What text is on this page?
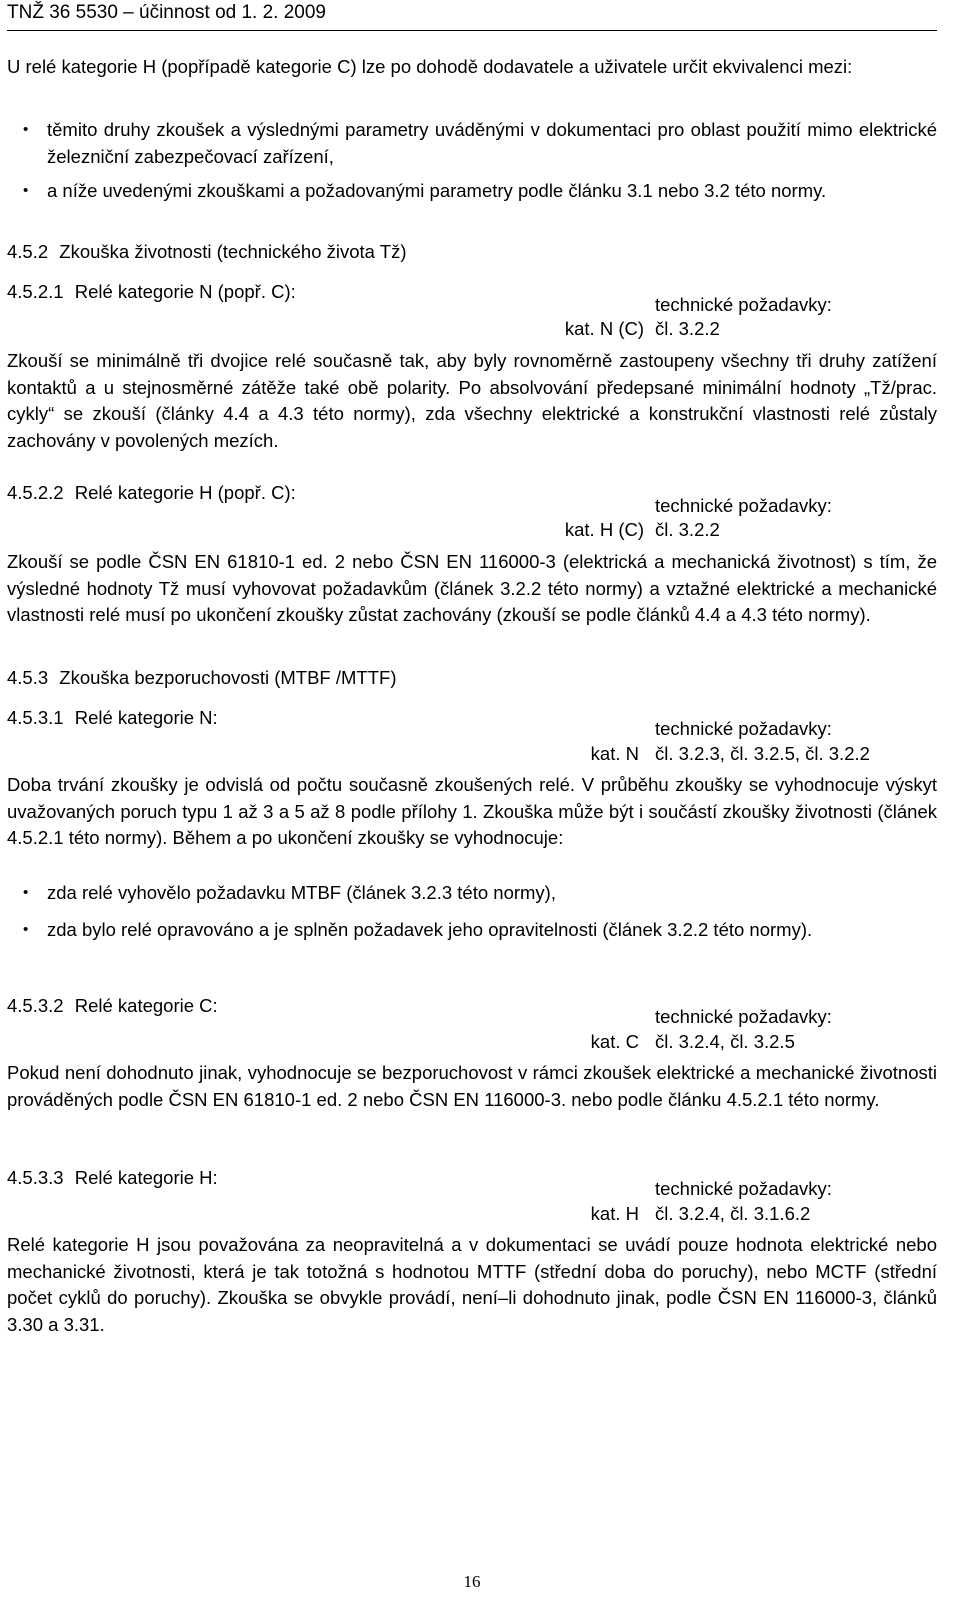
TNŽ 36 5530 – účinnost od 1. 2. 2009
U relé kategorie H (popřípadě kategorie C) lze po dohodě dodavatele a uživatele určit ekvivalenci mezi:
• těmito druhy zkoušek a výslednými parametry uváděnými v dokumentaci pro oblast použití mimo elektrické železniční zabezpečovací zařízení,
• a níže uvedenými zkouškami a požadovanými parametry podle článku 3.1 nebo 3.2 této normy.
4.5.2 Zkouška životnosti (technického života Tž)
4.5.2.1 Relé kategorie N (popř. C):
technické požadavky:
kat. N (C) čl. 3.2.2
Zkouší se minimálně tři dvojice relé současně tak, aby byly rovnoměrně zastoupeny všechny tři druhy zatížení kontaktů a u stejnosměrné zátěže také obě polarity. Po absolvování předepsané minimální hodnoty „Tž/prac. cykly“ se zkouší (články 4.4 a 4.3 této normy), zda všechny elektrické a konstrukční vlastnosti relé zůstaly zachovány v povolených mezích.
4.5.2.2 Relé kategorie H (popř. C):
technické požadavky:
kat. H (C) čl. 3.2.2
Zkouší se podle ČSN EN 61810-1 ed. 2 nebo ČSN EN 116000-3 (elektrická a mechanická životnost) s tím, že výsledné hodnoty Tž musí vyhovovat požadavkům (článek 3.2.2 této normy) a vztažné elektrické a mechanické vlastnosti relé musí po ukončení zkoušky zůstat zachovány (zkouší se podle článků 4.4 a 4.3 této normy).
4.5.3 Zkouška bezporuchovosti (MTBF /MTTF)
4.5.3.1 Relé kategorie N:
technické požadavky:
kat. N čl. 3.2.3, čl. 3.2.5, čl. 3.2.2
Doba trvání zkoušky je odvislá od počtu současně zkoušených relé. V průběhu zkoušky se vyhodnocuje výskyt uvažovaných poruch typu 1 až 3 a 5 až 8 podle přílohy 1. Zkouška může být i součástí zkoušky životnosti (článek 4.5.2.1 této normy). Během a po ukončení zkoušky se vyhodnocuje:
• zda relé vyhovělo požadavku MTBF (článek 3.2.3 této normy),
• zda bylo relé opravováno a je splněn požadavek jeho opravitelnosti (článek 3.2.2 této normy).
4.5.3.2 Relé kategorie C:
technické požadavky:
kat. C čl. 3.2.4, čl. 3.2.5
Pokud není dohodnuto jinak, vyhodnocuje se bezporuchovost v rámci zkoušek elektrické a mechanické životnosti prováděných podle ČSN EN 61810-1 ed. 2 nebo ČSN EN 116000-3. nebo podle článku 4.5.2.1 této normy.
4.5.3.3 Relé kategorie H:
technické požadavky:
kat. H čl. 3.2.4, čl. 3.1.6.2
Relé kategorie H jsou považována za neopravitelná a v dokumentaci se uvádí pouze hodnota elektrické nebo mechanické životnosti, která je tak totožná s hodnotou MTTF (střední doba do poruchy), nebo MCTF (střední počet cyklů do poruchy). Zkouška se obvykle provádí, není–li dohodnuto jinak, podle ČSN EN 116000-3, článků 3.30 a 3.31.
16
